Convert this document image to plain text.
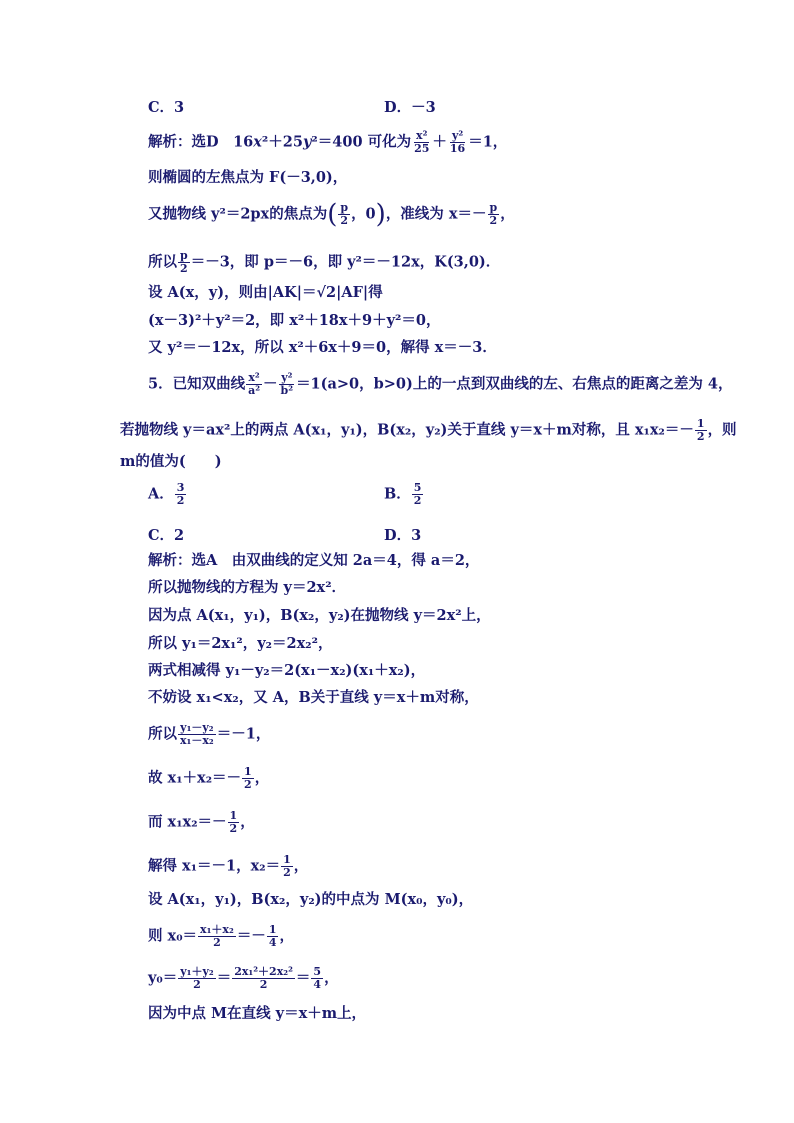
C．3	D．－3
解析：选D　16x²＋25y²＝400 可化为 $\frac{\text{x²}}{25} + \frac{\text{y²}}{16} =1$，
则椭圆的左焦点为 F(－3,0)，
又抛物线 y²＝2px的焦点为( $\frac{p}{2}$ ，0)，准线为 $x=- \frac{p}{2}$ ，
所以 $\frac{p}{2} =-3$，即 p＝－6，即 y²＝－12x，K(3,0)．
设 A(x，y)，则由|AK|＝√2|AF|得
(x－3)²＋y²＝2，即 x²＋18x＋9＋y²＝0，
又 y²＝－12x，所以 x²＋6x＋9＝0，解得 x＝－3．
5．已知双曲线 $\frac{\text{x²}}{\text{a²}} - \frac{\text{y²}}{\text{b²}} =1(a>0$，b>0)上的一点到双曲线的左、右焦点的距离之差为 4，
若抛物线 y＝ax²上的两点 A(x₁，y₁)，B(x₂，y₂)关于直线 y＝x＋m对称，且 $x_1x_2=- \frac{1}{2}$ ，则
m的值为(　　)
A． $\frac{3}{2}$	B． $\frac{5}{2}$
C．2	D．3
解析：选A　由双曲线的定义知 2a＝4，得 a＝2，
所以抛物线的方程为 y＝2x²．
因为点 A(x₁，y₁)，B(x₂，y₂)在抛物线 y＝2x²上，
所以 y₁＝2x₁²，y₂＝2x₂²，
两式相减得 y₁－y₂＝2(x₁－x₂)(x₁＋x₂)，
不妨设 x₁<x₂，又 A，B关于直线 y＝x＋m对称，
所以 $\frac{\text{y₁－y₂}}{\text{x₁－x₂}} =-1$，
故 $x_1+x_2=- \frac{1}{2}$ ，
而 $x_1x_2=- \frac{1}{2}$ ，
解得 x₁＝－1，$x_2= \frac{1}{2}$ ，
设 A(x₁，y₁)，B(x₂，y₂)的中点为 M(x₀，y₀)，
则 $x_0= \frac{\text{x₁＋x₂}}{2} =- \frac{1}{4}$ ，
$y_0= \frac{\text{y₁＋y₂}}{2} = \frac{\text{2x₁²＋2x₂²}}{2} = \frac{5}{4}$ ，
因为中点 M在直线 y＝x＋m上，
